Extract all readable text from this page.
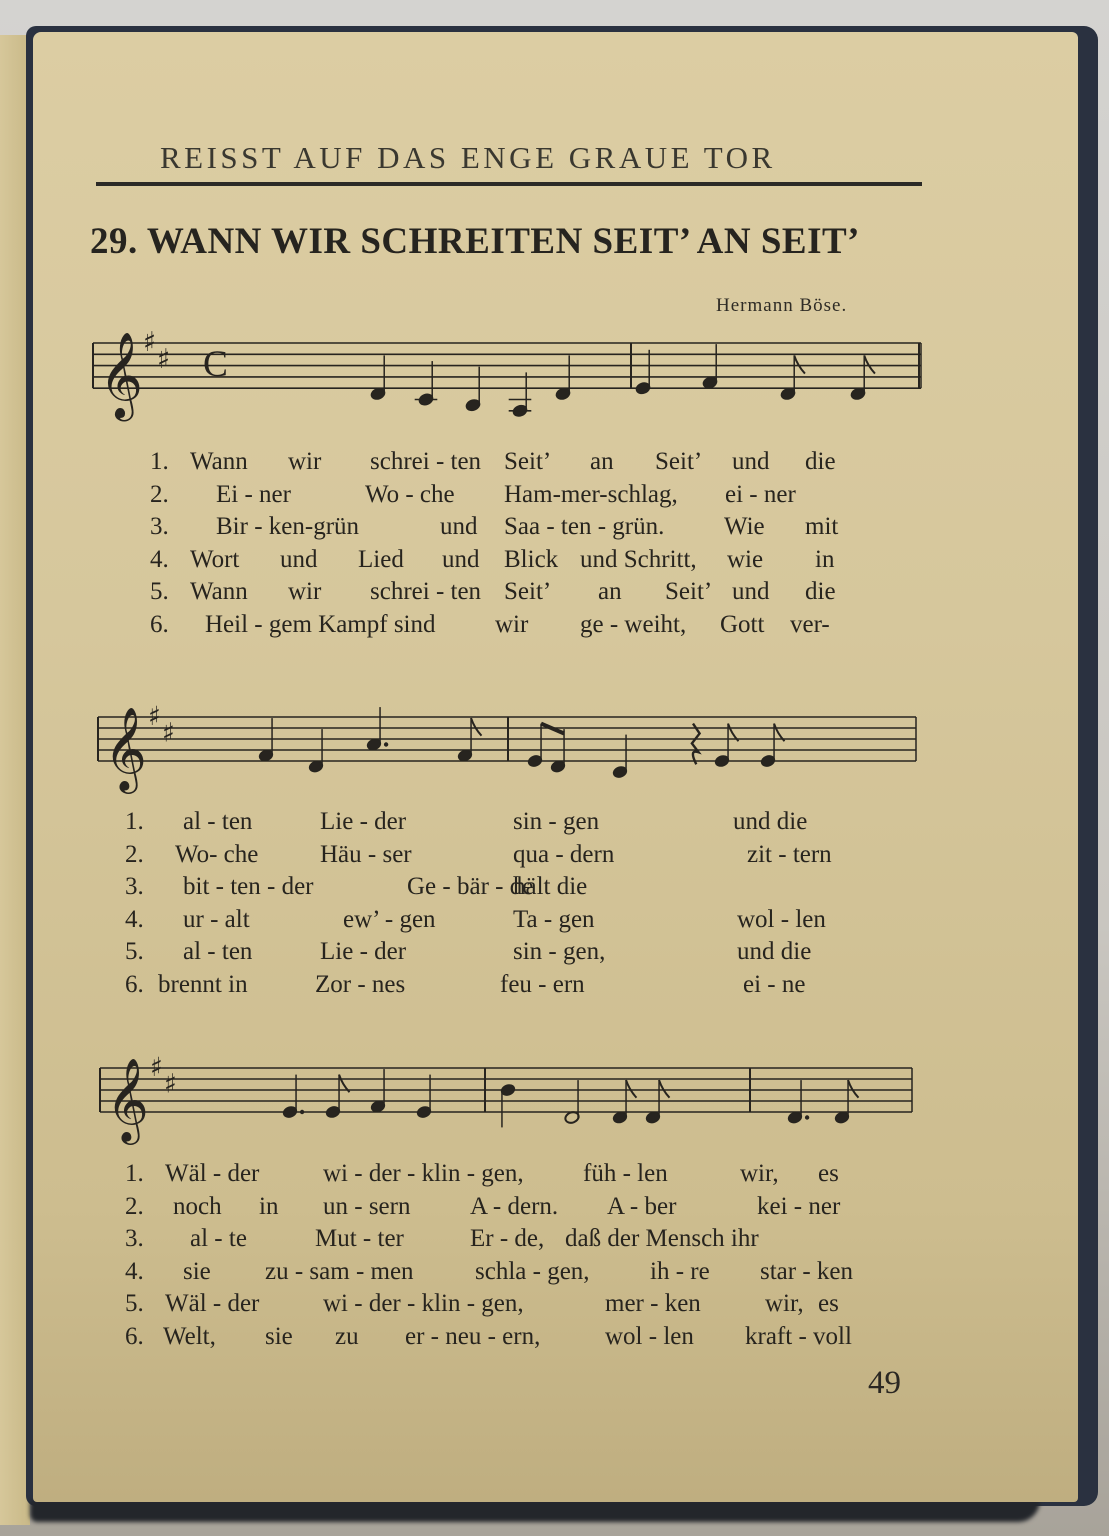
REISST AUF DAS ENGE GRAUE TOR
29. WANN WIR SCHREITEN SEIT’ AN SEIT’
Hermann Böse.
𝄞 ♯
♯ C
𝄞 ♯
♯
𝄞 ♯
♯
1. Wann wir schrei - ten Seit’ an Seit’ und die
2. Ei - ner	Wo - che Ham-mer-schlag, ei - ner
3. Bir - ken-grün	und Saa - ten - grün. Wie mit
4. Wort und Lied und Blick und Schritt, wie in
5. Wann wir schrei - ten Seit’ an Seit’ und die
6. Heil - gem Kampf sind wir ge - weiht, Gott ver-
1. al - ten	Lie - der	sin - gen	und die
2. Wo- che Häu - ser	qua - dern	zit - tern
3. bit - ten - der	Ge - bär - de
hält die
4. ur - alt	ew’ - gen	Ta - gen	wol - len
5. al - ten	Lie - der	sin - gen,	und die
6. brennt in	Zor - nes	feu - ern	ei - ne
1. Wäl - der	wi - der - klin - gen, füh - len	wir, es
2. noch in un - sern A - dern. A - ber	kei - ner
3. al - te	Mut - ter	Er - de, daß der Mensch ihr
4. sie zu - sam - men schla - gen, ih - re star - ken
5. Wäl - der	wi - der - klin - gen,	mer - ken	wir, es
6. Welt, sie zu er - neu - ern,	wol - len kraft - voll
49
